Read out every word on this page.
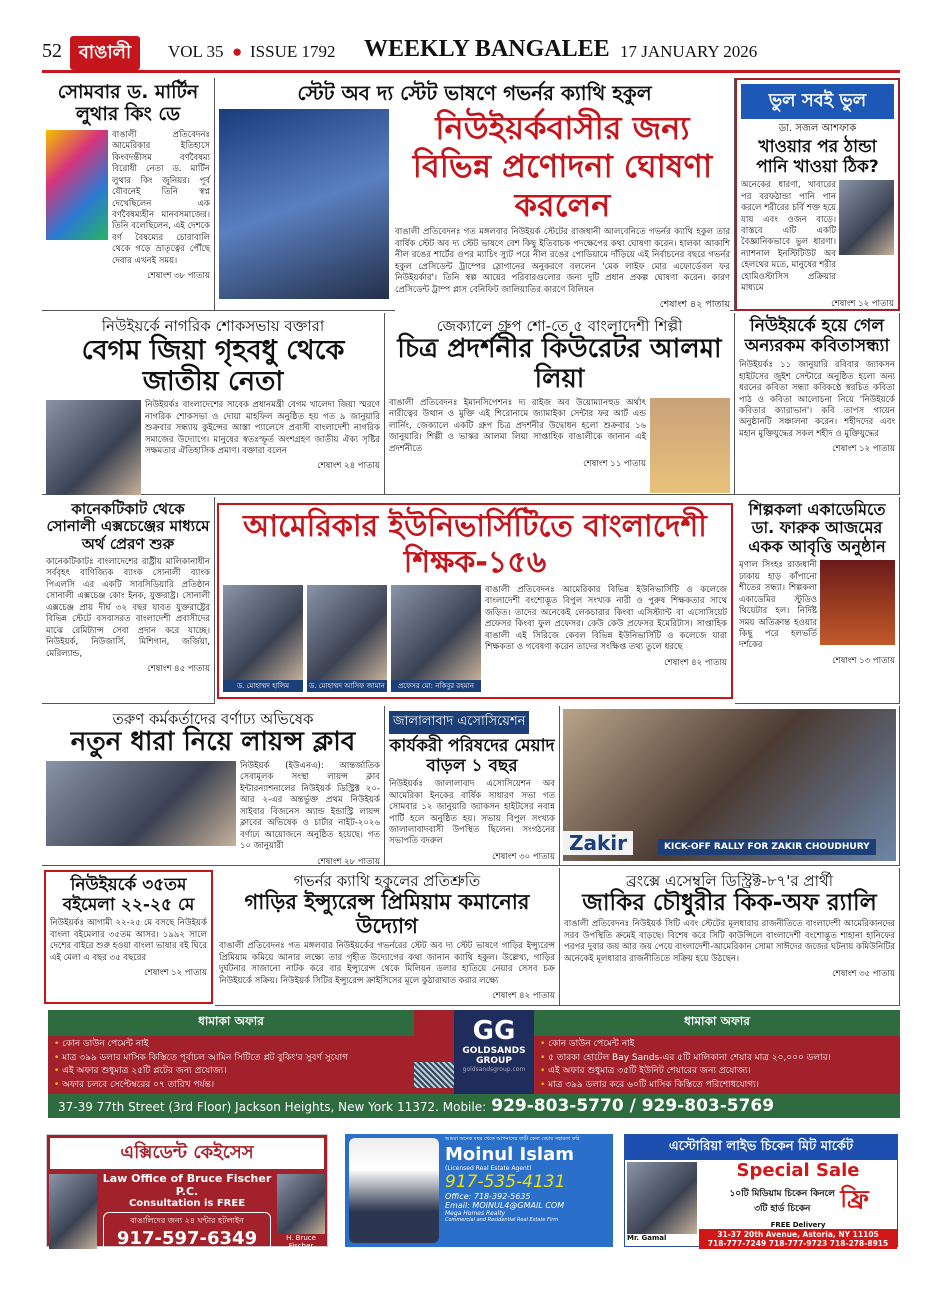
52 বাঙালী	VOL 35 ● ISSUE 1792 WEEKLY BANGALEE 17 JANUARY 2026
সোমবার ড. মার্টিন লুথার কিং ডে
বাঙালী প্রতিবেদনঃ আমেরিকার ইতিহাসে কিংবদন্তীসম বর্ণবৈষম্য বিরোধী নেতা ড. মার্টিন লুথার কিং জুনিয়র। পূর্ব যৌবনেই তিনি স্বপ্ন দেখেছিলেন এক বর্ণবৈষম্যহীন মানবসমাজের। তিনি বলেছিলেন, এই দেশকে বর্ণ বৈষম্যের চোরাবালি থেকে গড়ে ভ্রাতৃত্বের পৌঁছে দেবার এখনই সময়।
শেষাংশ ৩৮ পাতায়
স্টেট অব দ্য স্টেট ভাষণে গভর্নর ক্যাথি হকুল
নিউইয়র্কবাসীর জন্য বিভিন্ন প্রণোদনা ঘোষণা করলেন
বাঙালী প্রতিবেদনঃ গত মঙ্গলবার নিউইয়র্ক স্টেটের রাজধানী আলবেনিতে গভর্নর ক্যাথি হকুল তার বার্ষিক স্টেট অব দ্য স্টেট ভাষণে বেশ কিছু ইতিবাচক পদক্ষেপের কথা ঘোষণা করেন। হালকা আকাশি নীল রঙের শার্টের ওপর ম্যাচিং স্যুট পরে নীল রঙের পোডিয়ামে দাঁড়িয়ে এই নির্বাচনের বছরে গভর্নর হকুল প্রেসিডেন্ট ট্রাম্পের স্লোগানের অনুকরণে বললেন 'মেক লাইফ মোর এফোর্ডেবল ফর নিউইয়র্কার'। তিনি স্বল্প আয়ের পরিবারগুলোর জন্য দুটি প্রধান প্রকল্প ঘোষণা করেন। কারণ প্রেসিডেন্ট ট্রাম্প প্লাস বেনিফিট জালিয়াতির কারণে বিলিয়ন
শেষাংশ ৪২ পাতায়
ভুল সবই ভুল
ডা. সজল আশফাক
খাওয়ার পর ঠান্ডা পানি খাওয়া ঠিক?
অনেকের ধারণা, খাবারের পর বরফঠান্ডা পানি পান করলে শরীরের চর্বি শক্ত হয়ে যায় এবং ওজন বাড়ে। বাস্তবে এটি একটি বৈজ্ঞানিকভাবে ভুল ধারণা। ন্যাশনাল ইনস্টিটিউট অব হেলথের মতে, মানুষের শরীর হোমিওস্টাসিস প্রক্রিয়ার মাধ্যমে
শেষাংশ ১২ পাতায়
নিউইয়র্কে নাগরিক শোকসভায় বক্তারা
বেগম জিয়া গৃহবধু থেকে জাতীয় নেতা
নিউইয়র্কঃ বাংলাদেশের সাবেক প্রধানমন্ত্রী বেগম খালেদা জিয়া স্মরণে নাগরিক শোকসভা ও দোয়া মাহফিল অনুষ্ঠিত হয় গত ৯ জানুয়ারি শুক্রবার সন্ধ্যায় কুইন্সের আস্তা প্যালেসে প্রবাসী বাংলাদেশী নাগরিক সমাজের উদ্যোগে। মানুষের স্বতঃস্ফূর্ত অংশগ্রহণ জাতীয় ঐক্য সৃষ্টির সক্ষমতার ঐতিহাসিক প্রমাণ। বক্তারা বলেন
শেষাংশ ২৪ পাতায়
জেক্যালে গ্রুপ শো-তে ৫ বাংলাদেশী শিল্পী
চিত্র প্রদর্শনীর কিউরেটর আলমা লিয়া
বাঙালী প্রতিবেদনঃ ইমানসিপেশনঃ দ্য রাইজ অব উয়োম্যানহুড অর্থাৎ নারীত্বের উত্থান ও মুক্তি এই শিরোনামে জ্যামাইকা সেন্টার ফর আর্ট এন্ড লার্নিং, জেক্যালে একটি গ্রুপ চিত্র প্রদর্শনীর উদ্বোধন হলো শুক্রবার ১৬ জানুয়ারি। শিল্পী ও ভাস্কর আলমা লিয়া সাপ্তাহিক বাঙালীকে জানান এই প্রদর্শনীতে
শেষাংশ ১১ পাতায়
নিউইয়র্কে হয়ে গেল
অন্যরকম কবিতাসন্ধ্যা
নিউইয়র্কঃ ১১ জানুয়ারি রবিবার জ্যাকসন হাইটসের জুইশ সেন্টারে অনুষ্ঠিত হলো অন্য ধরনের কবিতা সন্ধ্যা কবিকণ্ঠে স্বরচিত কবিতা পাঠ ও কবিতা আলোচনা নিয়ে 'নিউইয়র্কে কবিতার ক্যারাভান'। কবি তাপস গায়েন অনুষ্ঠানটি সঞ্চালনা করেন। শহীদদের এবং মহান মুক্তিযুদ্ধের সকল শহীদ ও মুক্তিযুদ্ধের
শেষাংশ ১২ পাতায়
কানেকটিকাট থেকে সোনালী এক্সচেঞ্জের মাধ্যমে অর্থ প্রেরণ শুরু
কানেকটিকাটঃ বাংলাদেশের রাষ্ট্রীয় মালিকানাধীন সর্ববৃহৎ বাণিজ্যিক ব্যাংক সোনালী ব্যাংক পিএলসি এর একটি সাবসিডিয়ারি প্রতিষ্ঠান সোনালী এক্সচেঞ্জ কোং ইনক, যুক্তরাষ্ট্র। সোনালী এক্সচেঞ্জ প্রায় দীর্ঘ ৩২ বছর যাবত যুক্তরাষ্ট্রের বিভিন্ন স্টেটে বসবাসরত বাংলাদেশী প্রবাসীদের মাঝে রেমিট্যান্স সেবা প্রদান করে যাচ্ছে। নিউইয়র্ক, নিউজার্সি, মিশিগান, জর্জিয়া, মেরিল্যান্ড,
শেষাংশ ৪৫ পাতায়
আমেরিকার ইউনিভার্সিটিতে বাংলাদেশী শিক্ষক-১৫৬
ড. মোহাম্মদ হালিম	ড. মোহাম্মদ আসিফ জামান	প্রফেসর মো: নকিবুর রহমান
বাঙালী প্রতিবেদনঃ আমেরিকার বিভিন্ন ইউনিভার্সিটি ও কলেজে বাংলাদেশী বংশোদ্ভূত বিপুল সংখ্যক নারী ও পুরুষ শিক্ষকতার সাথে জড়িত। তাদের অনেকেই লেকচারার কিংবা এসিস্ট্যান্ট বা এসোসিয়েট প্রফেসর কিংবা ফুল প্রফেসর। কেউ কেউ প্রফেসর ইমেরিটাস। সাপ্তাহিক বাঙালী এই সিরিজে কেবল বিভিন্ন ইউনিভার্সিটি ও কলেজে যারা শিক্ষকতা ও গবেষণা করেন তাদের সংক্ষিপ্ত তথ্য তুলে ধরছে
শেষাংশ ৪২ পাতায়
শিল্পকলা একাডেমিতে ডা. ফারুক আজমের একক আবৃত্তি অনুষ্ঠান
মৃণাল সিংহঃ রাজধানী ঢাকায় হাড় কাঁপানো শীতের সন্ধ্যা। শিল্পকলা একাডেমির স্টুডিও থিয়েটার হল। নির্দিষ্ট সময় অতিক্রান্ত হওয়ার কিছু পরে হলভর্তি দর্শকের
শেষাংশ ১৩ পাতায়
তরুণ কর্মকর্তাদের বর্ণাঢ্য অভিষেক
নতুন ধারা নিয়ে লায়ন্স ক্লাব
নিউইয়র্ক (ইউএনএ): আন্তর্জাতিক সেবামূলক সংস্থা লায়ন্স ক্লাব ইন্টারন্যাশনালের নিউইয়র্ক ডিস্ট্রিক্ট ২০-আর ২-এর অন্তর্ভুক্ত প্রথম নিউইয়র্ক সাইবার বিজনেস অ্যান্ড ইন্ডাস্ট্রি লায়ন্স ক্লাবের অভিষেক ও চার্টার নাইট-২০২৬ বর্ণাঢ্য আয়োজনে অনুষ্ঠিত হয়েছে। গত ১০ জানুয়ারী
শেষাংশ ২৮ পাতায়
জালালাবাদ এসোসিয়েশন
কার্যকরী পরিষদের মেয়াদ বাড়ল ১ বছর
নিউইয়র্কঃ জালালাবাদ এসোসিয়েশন অব আমেরিকা ইনকের বার্ষিক সাধারণ সভা গত সোমবার ১২ জানুয়ারি জ্যাকসন হাইটসের নবান্ন পার্টি হলে অনুষ্ঠিত হয়। সভায় বিপুল সংখ্যক জালালাবাদবাসী উপস্থিত ছিলেন। সংগঠনের সভাপতি বদরুল
শেষাংশ ৩০ পাতায়
Zakir	KICK-OFF RALLY FOR ZAKIR CHOUDHURY
নিউইয়র্কে ৩৫তম বইমেলা ২২-২৫ মে
নিউইয়র্কঃ আগামী ২২-২৫ মে বসছে নিউইয়র্ক বাংলা বইমেলার ৩৫তম আসর। ১৯৯২ সালে দেশের বাইরে শুরু হওয়া বাংলা ভাষার বই ঘিরে এই মেলা এ বছর ৩৫ বছরের
শেষাংশ ১২ পাতায়
গভর্নর ক্যাথি হকুলের প্রতিশ্রুতি
গাড়ির ইন্স্যুরেন্স প্রিমিয়াম কমানোর উদ্যোগ
বাঙালী প্রতিবেদনঃ গত মঙ্গলবার নিউইয়র্কের গভর্নরের স্টেট অব দ্য স্টেট ভাষণে গাড়ির ইন্স্যুরেন্স প্রিমিয়াম কমিয়ে আনার লক্ষ্যে তার গৃহীত উদ্যোগের কথা জানান ক্যাথি হকুল। উল্লেখ্য, গাড়ির দুর্ঘটনার সাজানো নাটক করে বার ইন্স্যুরেন্স থেকে মিলিয়ন ডলার হাতিয়ে নেয়ার সেসব চক্র নিউইয়র্কে সক্রিয়। নিউইয়র্ক সিটির ইন্স্যুরেন্স ক্রাইসিসের মূলে কুঠারাঘাত করার লক্ষ্যে
শেষাংশ ৪২ পাতায়
ব্রংক্সে এসেম্বলি ডিস্ট্রিক্ট-৮৭'র প্রার্থী
জাকির চৌধুরীর কিক-অফ র‌্যালি
বাঙালী প্রতিবেদনঃ নিউইয়র্ক সিটি এবং স্টেটের মূলধারার রাজনীতিতে বাংলাদেশী আমেরিকানদের সরব উপস্থিতি ক্রমেই বাড়ছে। বিশেষ করে সিটি কাউন্সিলে বাংলাদেশী বংশোদ্ভূত শাহানা হানিফের পরপর দুবার জয় আর জয় পেয়ে বাংলাদেশী-আমেরিকান সোমা সাঈদের জজের ঘটনায় কমিউনিটির অনেকেই মূলধারার রাজনীতিতে সক্রিয় হয়ে উঠছেন।
শেষাংশ ৩৫ পাতায়
ধামাকা অফার
• কোন ডাউন পেমেন্ট নাই
• মাত্র ৩৯৯ ডলার মাসিক কিস্তিতে পূর্বাচল আমিন সিটিতে প্লট বুকিং'র সুবর্ণ সুযোগ
• এই অফার শুধুমাত্র ২৫টি প্লটের জন্য প্রযোজ্য।
• অফার চলবে সেপ্টেম্বরের ০৭ তারিখ পর্যন্ত।
GG
GOLDSANDS GROUP
goldsandsgroup.com
ধামাকা অফার
• কোন ডাউন পেমেন্ট নাই
• ৫ তারকা হোটেল Bay Sands-এর ৫টি মালিকানা শেয়ার মাত্র ২০,০০০ ডলার।
• এই অফার শুধুমাত্র ৩৫টি ইউনিট শেয়ারের জন্য প্রযোজ্য।
• মাত্র ৩৯৯ ডলার করে ৬০টি মাসিক কিস্তিতে পরিশোধযোগ্য।
37-39 77th Street (3rd Floor) Jackson Heights, New York 11372. Mobile: 929-803-5770 / 929-803-5769
এক্সিডেন্ট কেইসেস
Law Office of Bruce Fischer P.C.
Consultation is FREE
বাঙালিদের জন্য ২৪ ঘন্টার হটলাইন
917-597-6349	H. Bruce Fischer
আমরা অনেক বছর থেকে আপনাদের বাড়ী কেনা বেচায় সহায়তা করি
Moinul Islam
(Licensed Real Estate Agent)
917-535-4131
Office: 718-392-5635
Email: MOINUL4@GMAIL COM
Mega Homes Realty
Commercial and Residential Real Estate Firm
এস্টোরিয়া লাইভ চিকেন মিট মার্কেট
Mr. Gamal
Special Sale
১০টি মিডিয়াম চিকেন কিনলে ৩টি হার্ড চিকেন	ফ্রি
FREE Delivery
31-37 20th Avenue, Astoria, NY 11105
718-777-7249 718-777-9723 718-278-8915
